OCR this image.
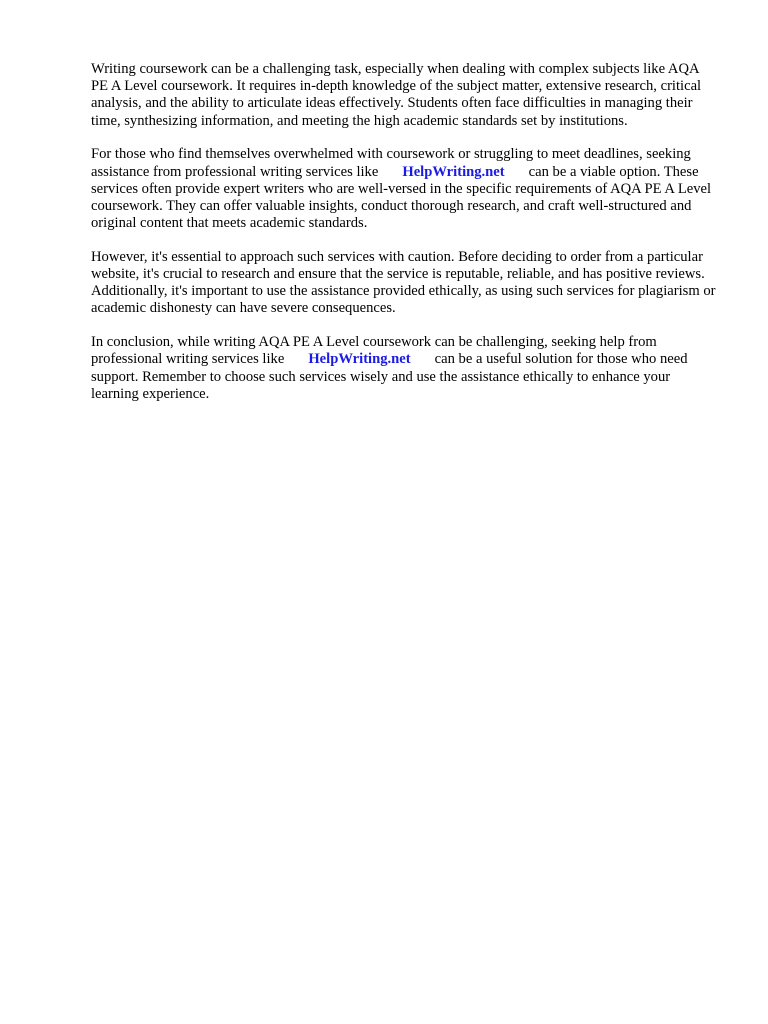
Writing coursework can be a challenging task, especially when dealing with complex subjects like AQA PE A Level coursework. It requires in-depth knowledge of the subject matter, extensive research, critical analysis, and the ability to articulate ideas effectively. Students often face difficulties in managing their time, synthesizing information, and meeting the high academic standards set by institutions.

For those who find themselves overwhelmed with coursework or struggling to meet deadlines, seeking assistance from professional writing services like HelpWriting.net can be a viable option. These services often provide expert writers who are well-versed in the specific requirements of AQA PE A Level coursework. They can offer valuable insights, conduct thorough research, and craft well-structured and original content that meets academic standards.

However, it's essential to approach such services with caution. Before deciding to order from a particular website, it's crucial to research and ensure that the service is reputable, reliable, and has positive reviews. Additionally, it's important to use the assistance provided ethically, as using such services for plagiarism or academic dishonesty can have severe consequences.

In conclusion, while writing AQA PE A Level coursework can be challenging, seeking help from professional writing services like HelpWriting.net can be a useful solution for those who need support. Remember to choose such services wisely and use the assistance ethically to enhance your learning experience.
